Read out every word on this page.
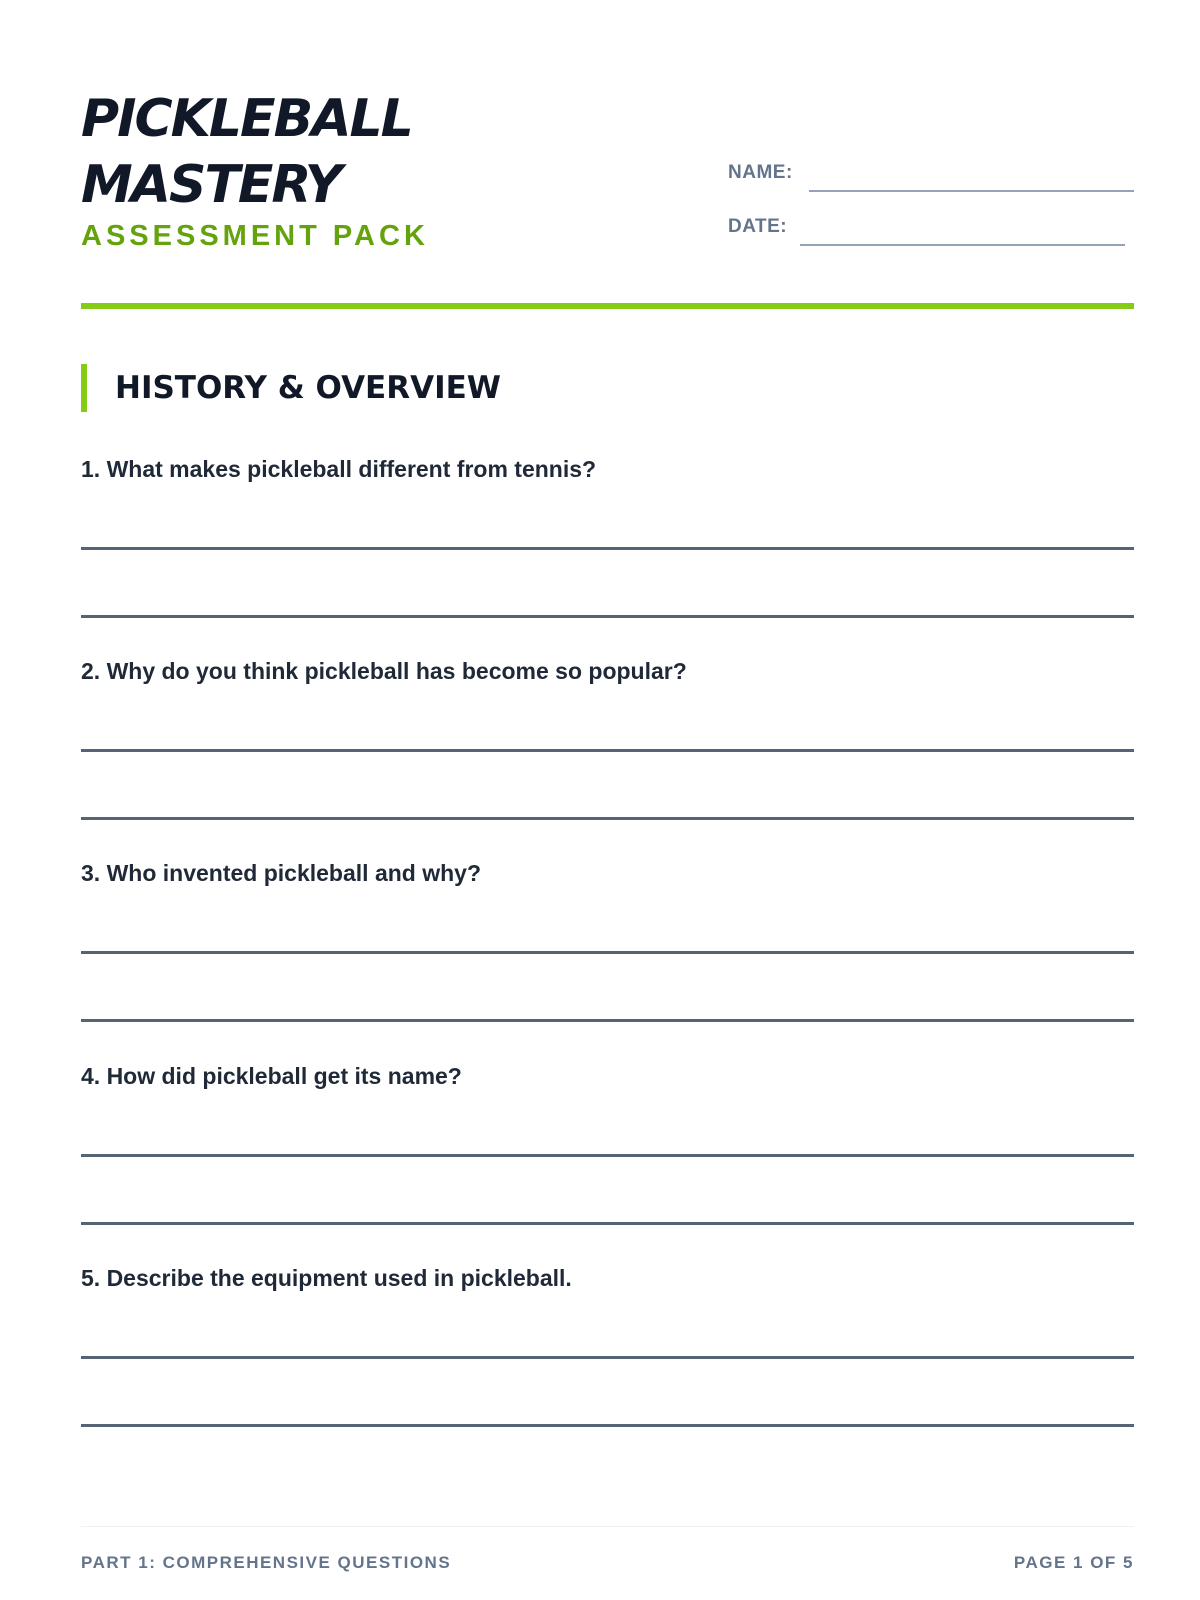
PICKLEBALL
MASTERY
ASSESSMENT PACK
NAME:
DATE:
HISTORY & OVERVIEW
1. What makes pickleball different from tennis?
2. Why do you think pickleball has become so popular?
3. Who invented pickleball and why?
4. How did pickleball get its name?
5. Describe the equipment used in pickleball.
PART 1: COMPREHENSIVE QUESTIONS	PAGE 1 OF 5
